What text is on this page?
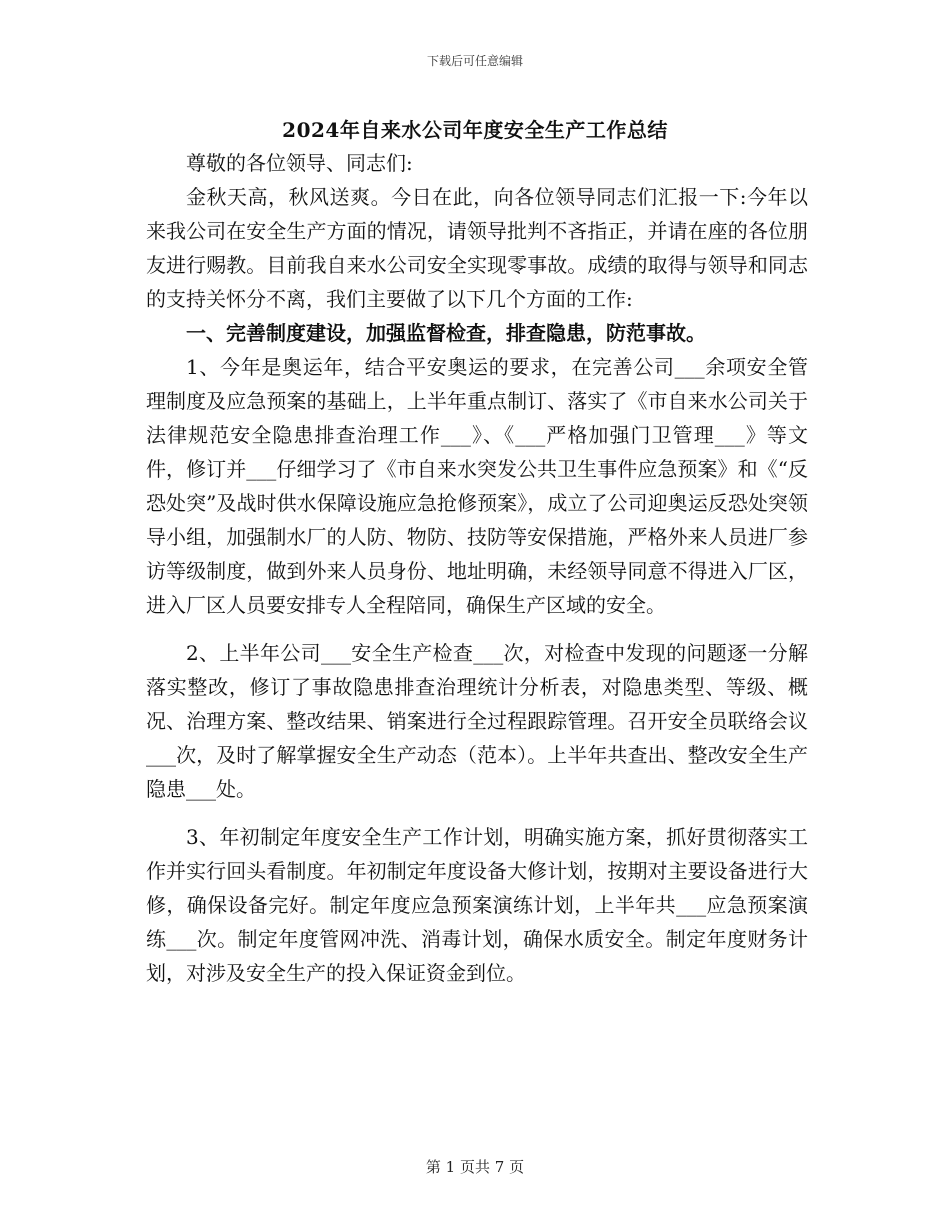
下载后可任意编辑
2024年自来水公司年度安全生产工作总结

尊敬的各位领导、同志们:

金秋天高，秋风送爽。今日在此，向各位领导同志们汇报一下:今年以来我公司在安全生产方面的情况，请领导批判不吝指正，并请在座的各位朋友进行赐教。目前我自来水公司安全实现零事故。成绩的取得与领导和同志的支持关怀分不离，我们主要做了以下几个方面的工作:

一、完善制度建设，加强监督检查，排查隐患，防范事故。

1、今年是奥运年，结合平安奥运的要求，在完善公司___余项安全管理制度及应急预案的基础上，上半年重点制订、落实了《市自来水公司关于法律规范安全隐患排查治理工作___》、《___严格加强门卫管理___》等文件，修订并___仔细学习了《市自来水突发公共卫生事件应急预案》和《“反恐处突”及战时供水保障设施应急抢修预案》，成立了公司迎奥运反恐处突领导小组，加强制水厂的人防、物防、技防等安保措施，严格外来人员进厂参访等级制度，做到外来人员身份、地址明确，未经领导同意不得进入厂区，进入厂区人员要安排专人全程陪同，确保生产区域的安全。

2、上半年公司___安全生产检查___次，对检查中发现的问题逐一分解落实整改，修订了事故隐患排查治理统计分析表，对隐患类型、等级、概况、治理方案、整改结果、销案进行全过程跟踪管理。召开安全员联络会议___次，及时了解掌握安全生产动态（范本）。上半年共查出、整改安全生产隐患___处。

3、年初制定年度安全生产工作计划，明确实施方案，抓好贯彻落实工作并实行回头看制度。年初制定年度设备大修计划，按期对主要设备进行大修，确保设备完好。制定年度应急预案演练计划，上半年共___应急预案演练___次。制定年度管网冲洗、消毒计划，确保水质安全。制定年度财务计划，对涉及安全生产的投入保证资金到位。

第 1 页共 7 页
